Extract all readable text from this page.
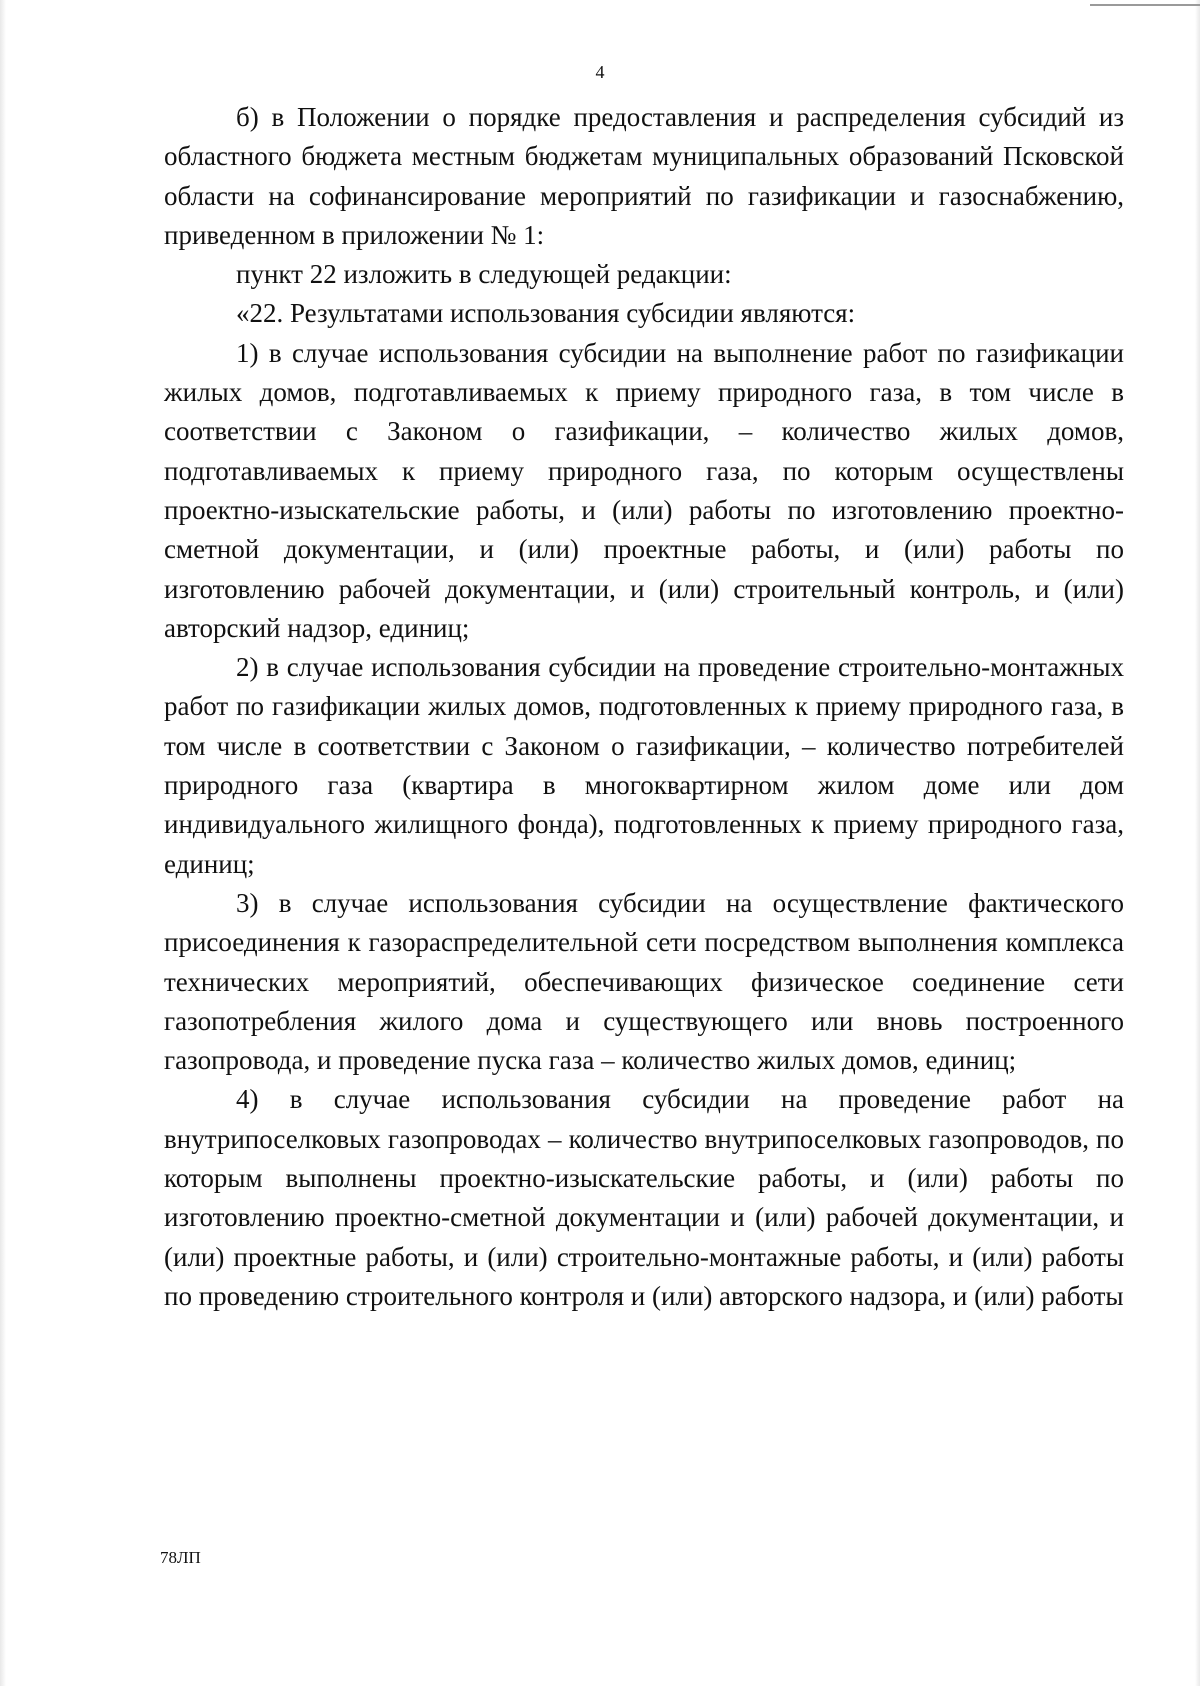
4

б) в Положении о порядке предоставления и распределения субсидий из областного бюджета местным бюджетам муниципальных образований Псковской области на софинансирование мероприятий по газификации и газоснабжению, приведенном в приложении № 1:

пункт 22 изложить в следующей редакции:

«22. Результатами использования субсидии являются:

1) в случае использования субсидии на выполнение работ по газификации жилых домов, подготавливаемых к приему природного газа, в том числе в соответствии с Законом о газификации, – количество жилых домов, подготавливаемых к приему природного газа, по которым осуществлены проектно-изыскательские работы, и (или) работы по изготовлению проектно-сметной документации, и (или) проектные работы, и (или) работы по изготовлению рабочей документации, и (или) строительный контроль, и (или) авторский надзор, единиц;

2) в случае использования субсидии на проведение строительно-монтажных работ по газификации жилых домов, подготовленных к приему природного газа, в том числе в соответствии с Законом о газификации, – количество потребителей природного газа (квартира в многоквартирном жилом доме или дом индивидуального жилищного фонда), подготовленных к приему природного газа, единиц;

3) в случае использования субсидии на осуществление фактического присоединения к газораспределительной сети посредством выполнения комплекса технических мероприятий, обеспечивающих физическое соединение сети газопотребления жилого дома и существующего или вновь построенного газопровода, и проведение пуска газа – количество жилых домов, единиц;

4) в случае использования субсидии на проведение работ на внутрипоселковых газопроводах – количество внутрипоселковых газопроводов, по которым выполнены проектно-изыскательские работы, и (или) работы по изготовлению проектно-сметной документации и (или) рабочей документации, и (или) проектные работы, и (или) строительно-монтажные работы, и (или) работы по проведению строительного контроля и (или) авторского надзора, и (или) работы

78ЛП
